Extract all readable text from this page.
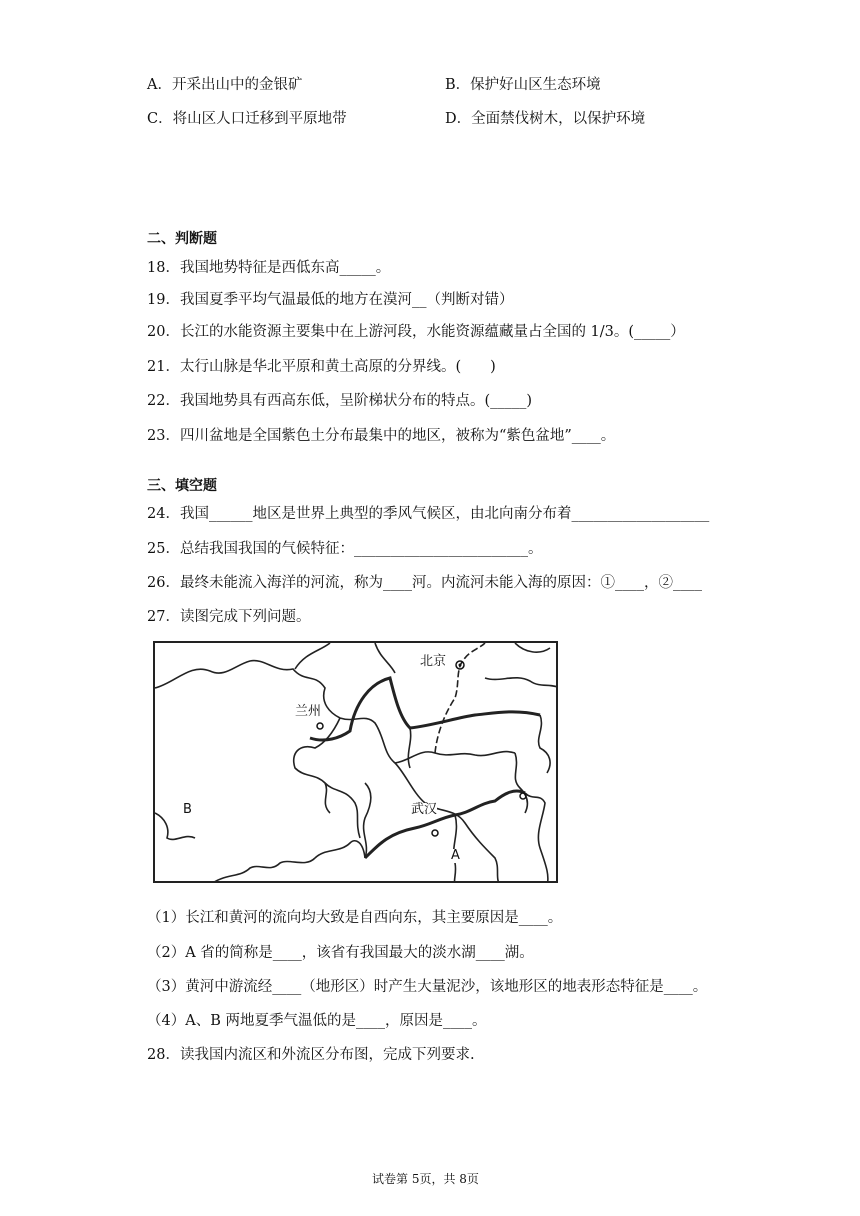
A．开采出山中的金银矿	B．保护好山区生态环境
C．将山区人口迁移到平原地带	D．全面禁伐树木，以保护环境
二、判断题
18．我国地势特征是西低东高_____。
19．我国夏季平均气温最低的地方在漠河__（判断对错）
20．长江的水能资源主要集中在上游河段，水能资源蕴藏量占全国的 1/3。(_____）
21．太行山脉是华北平原和黄土高原的分界线。(　　)
22．我国地势具有西高东低，呈阶梯状分布的特点。(_____)
23．四川盆地是全国紫色土分布最集中的地区，被称为“紫色盆地”____。
三、填空题
24．我国______地区是世界上典型的季风气候区，由北向南分布着___________________
25．总结我国我国的气候特征：________________________。
26．最终未能流入海洋的河流，称为____河。内流河未能入海的原因：①____，②____
27．读图完成下列问题。
北京
兰州
武汉
A
B
（1）长江和黄河的流向均大致是自西向东，其主要原因是____。
（2）A 省的简称是____，该省有我国最大的淡水湖____湖。
（3）黄河中游流经____（地形区）时产生大量泥沙，该地形区的地表形态特征是____。
（4）A、B 两地夏季气温低的是____，原因是____。
28．读我国内流区和外流区分布图，完成下列要求.
试卷第 5页，共 8页
